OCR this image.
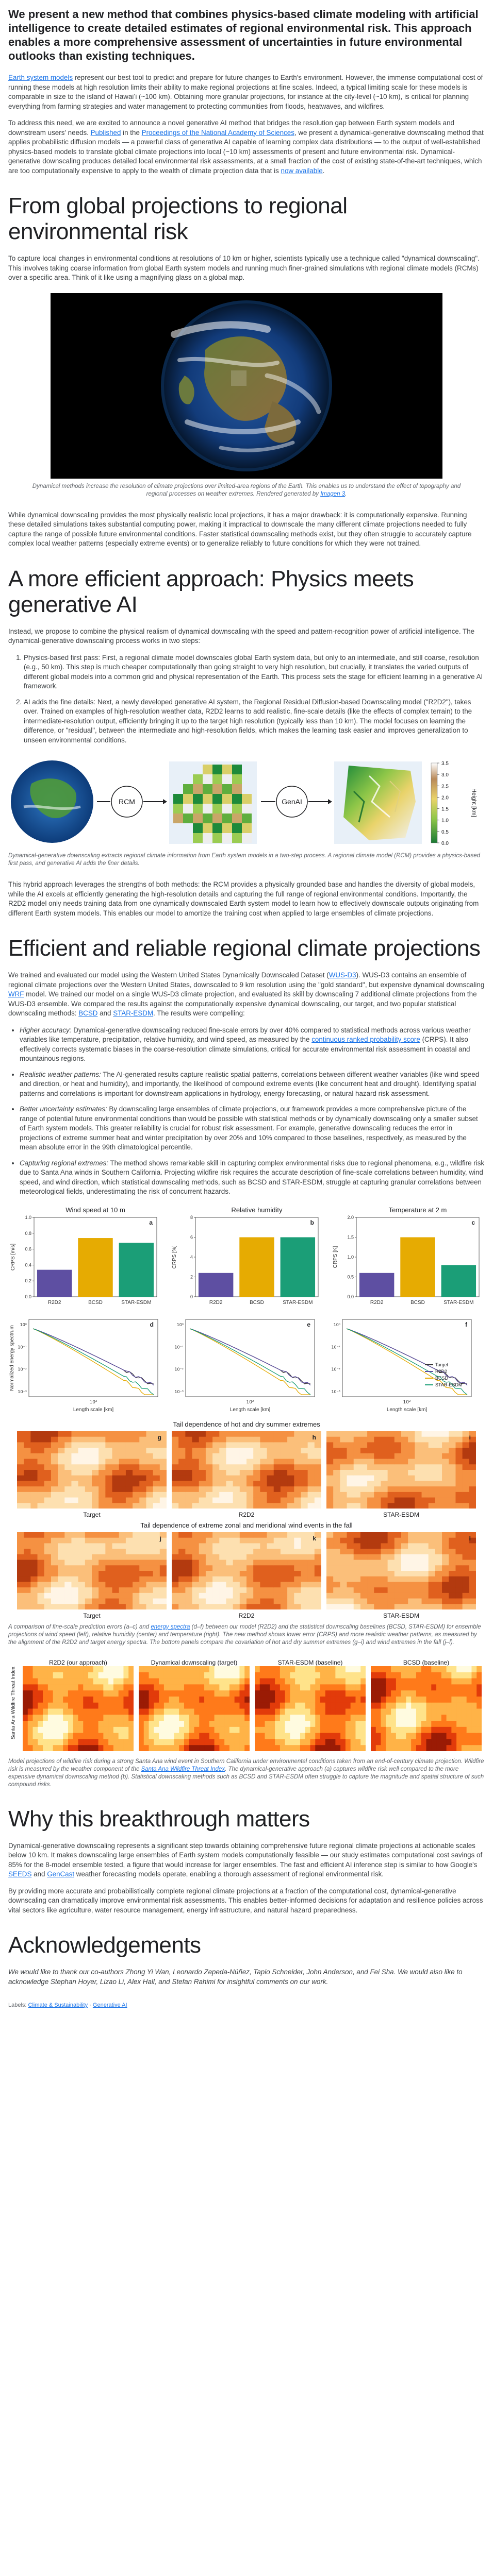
We present a new method that combines physics-based climate modeling with artificial intelligence to create detailed estimates of regional environmental risk. This approach enables a more comprehensive assessment of uncertainties in future environmental outlooks than existing techniques.

Earth system models represent our best tool to predict and prepare for future changes to Earth's environment. However, the immense computational cost of running these models at high resolution limits their ability to make regional projections at fine scales. Indeed, a typical limiting scale for these models is comparable in size to the island of Hawaiʻi (~100 km). Obtaining more granular projections, for instance at the city-level (~10 km), is critical for planning everything from farming strategies and water management to protecting communities from floods, heatwaves, and wildfires.

To address this need, we are excited to announce a novel generative AI method that bridges the resolution gap between Earth system models and downstream users' needs. Published in the Proceedings of the National Academy of Sciences, we present a dynamical-generative downscaling method that applies probabilistic diffusion models — a powerful class of generative AI capable of learning complex data distributions — to the output of well-established physics-based models to translate global climate projections into local (~10 km) assessments of present and future environmental risk. Dynamical-generative downscaling produces detailed local environmental risk assessments, at a small fraction of the cost of existing state-of-the-art techniques, which are too computationally expensive to apply to the wealth of climate projection data that is now available.

From global projections to regional environmental risk

To capture local changes in environmental conditions at resolutions of 10 km or higher, scientists typically use a technique called "dynamical downscaling". This involves taking coarse information from global Earth system models and running much finer-grained simulations with regional climate models (RCMs) over a specific area. Think of it like using a magnifying glass on a global map.

Dynamical methods increase the resolution of climate projections over limited-area regions of the Earth. This enables us to understand the effect of topography and regional processes on weather extremes. Rendered generated by Imagen 3.

While dynamical downscaling provides the most physically realistic local projections, it has a major drawback: it is computationally expensive. Running these detailed simulations takes substantial computing power, making it impractical to downscale the many different climate projections needed to fully capture the range of possible future environmental conditions. Faster statistical downscaling methods exist, but they often struggle to accurately capture complex local weather patterns (especially extreme events) or to generalize reliably to future conditions for which they were not trained.

A more efficient approach: Physics meets generative AI

Instead, we propose to combine the physical realism of dynamical downscaling with the speed and pattern-recognition power of artificial intelligence. The dynamical-generative downscaling process works in two steps:

1. Physics-based first pass: First, a regional climate model downscales global Earth system data, but only to an intermediate, and still coarse, resolution (e.g., 50 km). This step is much cheaper computationally than going straight to very high resolution, but crucially, it translates the varied outputs of different global models into a common grid and physical representation of the Earth. This process sets the stage for efficient learning in a generative AI framework.
2. AI adds the fine details: Next, a newly developed generative AI system, the Regional Residual Diffusion-based Downscaling model ("R2D2"), takes over. Trained on examples of high-resolution weather data, R2D2 learns to add realistic, fine-scale details (like the effects of complex terrain) to the intermediate-resolution output, efficiently bringing it up to the target high resolution (typically less than 10 km). The model focuses on learning the difference, or "residual", between the intermediate and high-resolution fields, which makes the learning task easier and improves generalization to unseen environmental conditions.
RCM	GenAI
0.0
0.5
1.0
1.5
2.0
2.5
3.0
3.5
Height [km]
Dynamical-generative downscaling extracts regional climate information from Earth system models in a two-step process. A regional climate model (RCM) provides a physics-based first pass, and generative AI adds the finer details.

This hybrid approach leverages the strengths of both methods: the RCM provides a physically grounded base and handles the diversity of global models, while the AI excels at efficiently generating the high-resolution details and capturing the full range of regional environmental conditions. Importantly, the R2D2 model only needs training data from one dynamically downscaled Earth system model to learn how to effectively downscale outputs originating from different Earth system models. This enables our model to amortize the training cost when applied to large ensembles of climate projections.

Efficient and reliable regional climate projections

We trained and evaluated our model using the Western United States Dynamically Downscaled Dataset (WUS-D3). WUS-D3 contains an ensemble of regional climate projections over the Western United States, downscaled to 9 km resolution using the "gold standard", but expensive dynamical downscaling WRF model. We trained our model on a single WUS-D3 climate projection, and evaluated its skill by downscaling 7 additional climate projections from the WUS-D3 ensemble. We compared the results against the computationally expensive dynamical downscaling, our target, and two popular statistical downscaling methods: BCSD and STAR-ESDM. The results were compelling:

• Higher accuracy: Dynamical-generative downscaling reduced fine-scale errors by over 40% compared to statistical methods across various weather variables like temperature, precipitation, relative humidity, and wind speed, as measured by the continuous ranked probability score (CRPS). It also effectively corrects systematic biases in the coarse-resolution climate simulations, critical for accurate environmental risk assessment in coastal and mountainous regions.
• Realistic weather patterns: The AI-generated results capture realistic spatial patterns, correlations between different weather variables (like wind speed and direction, or heat and humidity), and importantly, the likelihood of compound extreme events (like concurrent heat and drought). Identifying spatial patterns and correlations is important for downstream applications in hydrology, energy forecasting, or natural hazard risk assessment.
• Better uncertainty estimates: By downscaling large ensembles of climate projections, our framework provides a more comprehensive picture of the range of potential future environmental conditions than would be possible with statistical methods or by dynamically downscaling only a smaller subset of Earth system models. This greater reliability is crucial for robust risk assessment. For example, generative downscaling reduces the error in projections of extreme summer heat and winter precipitation by over 20% and 10% compared to those baselines, respectively, as measured by the mean absolute error in the 99th climatological percentile.
• Capturing regional extremes: The method shows remarkable skill in capturing complex environmental risks due to regional phenomena, e.g., wildfire risk due to Santa Ana winds in Southern California. Projecting wildfire risk requires the accurate description of fine-scale correlations between humidity, wind speed, and wind direction, which statistical downscaling methods, such as BCSD and STAR-ESDM, struggle at capturing granular correlations between meteorological fields, underestimating the risk of concurrent hazards.
Wind speed at 10 m
a
0.0
0.2
0.4
0.6
0.8
1.0
CRPS [m/s]
R2D2	BCSD	STAR-ESDM
Relative humidity
b
0
2
4
6
8
CRPS [%]
R2D2	BCSD	STAR-ESDM
Temperature at 2 m
c
0.0
0.5
1.0
1.5
2.0
CRPS [K]
R2D2	BCSD	STAR-ESDM
Normalized energy spectrum
d
10⁰
10⁻¹
10⁻²
10⁻³
10²
Length scale [km]
e
10⁰
10⁻¹
10⁻²
10⁻³
10²
Length scale [km]
f
10⁰
10⁻¹
10⁻²
10⁻³
10²
Length scale [km]
Target
R2D2
BCSD
STAR-ESDM
Tail dependence of hot and dry summer extremes
g
Target
h
R2D2
i
STAR-ESDM
Tail dependence of extreme zonal and meridional wind events in the fall
j
Target
k
R2D2
l
STAR-ESDM
A comparison of fine-scale prediction errors (a–c) and energy spectra (d–f) between our model (R2D2) and the statistical downscaling baselines (BCSD, STAR-ESDM) for ensemble projections of wind speed (left), relative humidity (center) and temperature (right). The new method shows lower error (CRPS) and more realistic weather patterns, as measured by the alignment of the R2D2 and target energy spectra. The bottom panels compare the covariation of hot and dry summer extremes (g–i) and wind extremes in the fall (j–l).
Santa Ana Wildfire Threat Index
R2D2 (our approach)	Dynamical downscaling (target)	STAR-ESDM (baseline)	BCSD (baseline)
Model projections of wildfire risk during a strong Santa Ana wind event in Southern California under environmental conditions taken from an end-of-century climate projection. Wildfire risk is measured by the weather component of the Santa Ana Wildfire Threat Index. The dynamical-generative approach (a) captures wildfire risk well compared to the more expensive dynamical downscaling method (b). Statistical downscaling methods such as BCSD and STAR-ESDM often struggle to capture the magnitude and spatial structure of such compound risks.
Why this breakthrough matters

Dynamical-generative downscaling represents a significant step towards obtaining comprehensive future regional climate projections at actionable scales below 10 km. It makes downscaling large ensembles of Earth system models computationally feasible — our study estimates computational cost savings of 85% for the 8-model ensemble tested, a figure that would increase for larger ensembles. The fast and efficient AI inference step is similar to how Google's SEEDS and GenCast weather forecasting models operate, enabling a thorough assessment of regional environmental risk.

By providing more accurate and probabilistically complete regional climate projections at a fraction of the computational cost, dynamical-generative downscaling can dramatically improve environmental risk assessments. This enables better-informed decisions for adaptation and resilience policies across vital sectors like agriculture, water resource management, energy infrastructure, and natural hazard preparedness.

Acknowledgements

We would like to thank our co-authors Zhong Yi Wan, Leonardo Zepeda-Núñez, Tapio Schneider, John Anderson, and Fei Sha. We would also like to acknowledge Stephan Hoyer, Lizao Li, Alex Hall, and Stefan Rahimi for insightful comments on our work.

Labels: Climate & Sustainability · Generative AI
